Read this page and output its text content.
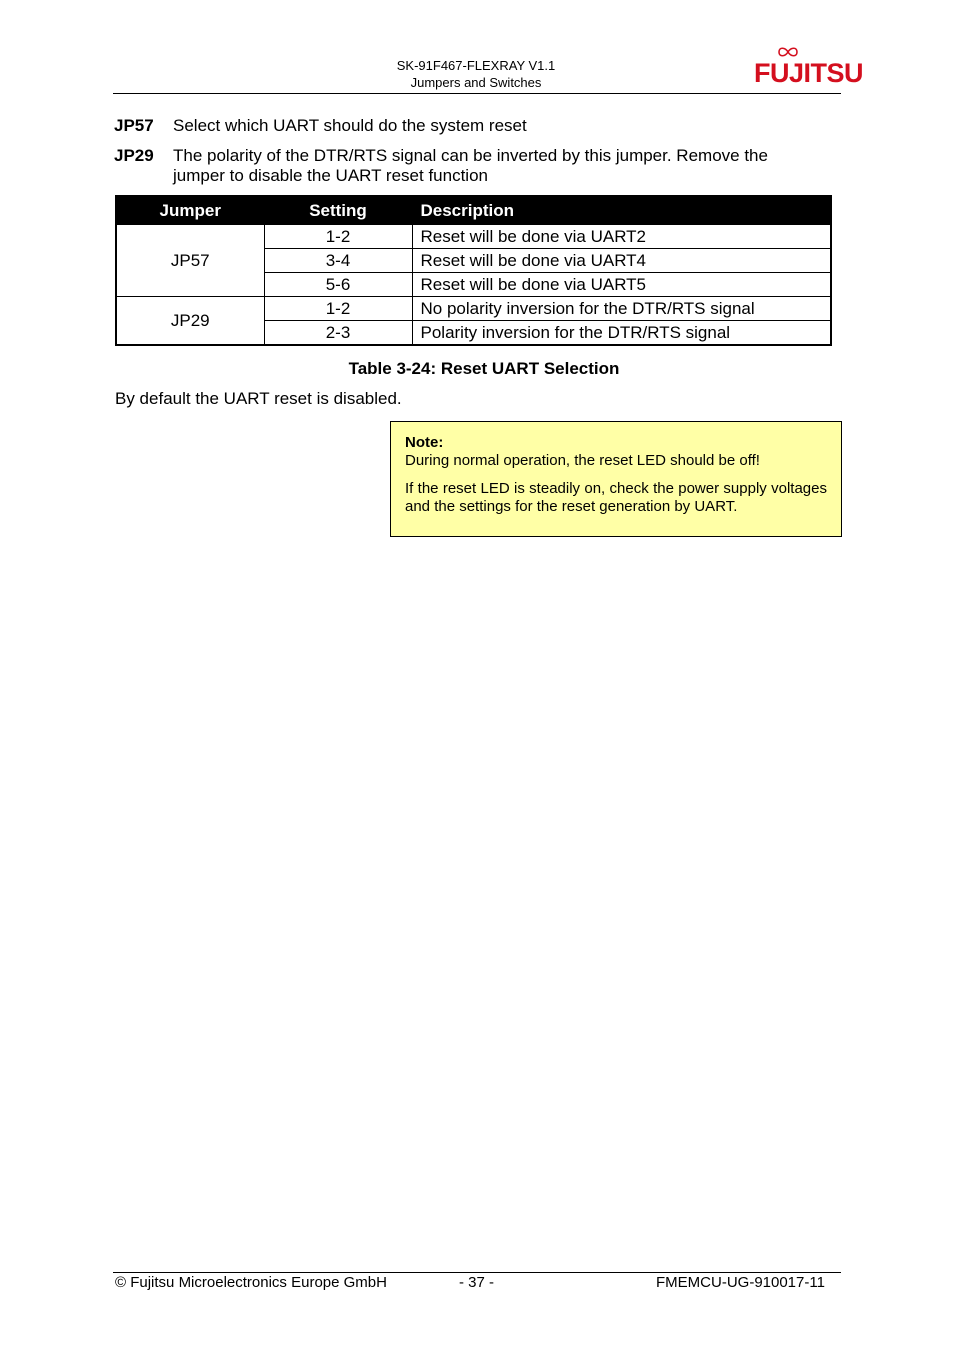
SK-91F467-FLEXRAY V1.1
Jumpers and Switches	FUJITSU
JP57 Select which UART should do the system reset
JP29 The polarity of the DTR/RTS signal can be inverted by this jumper. Remove the jumper to disable the UART reset function
Jumper	Setting	Description
JP57	1-2	Reset will be done via UART2
	3-4	Reset will be done via UART4
	5-6	Reset will be done via UART5
JP29	1-2	No polarity inversion for the DTR/RTS signal
	2-3	Polarity inversion for the DTR/RTS signal
Table 3-24: Reset UART Selection
By default the UART reset is disabled.
Note:
During normal operation, the reset LED should be off!
If the reset LED is steadily on, check the power supply voltages and the settings for the reset generation by UART.
© Fujitsu Microelectronics Europe GmbH	- 37 -	FMEMCU-UG-910017-11
